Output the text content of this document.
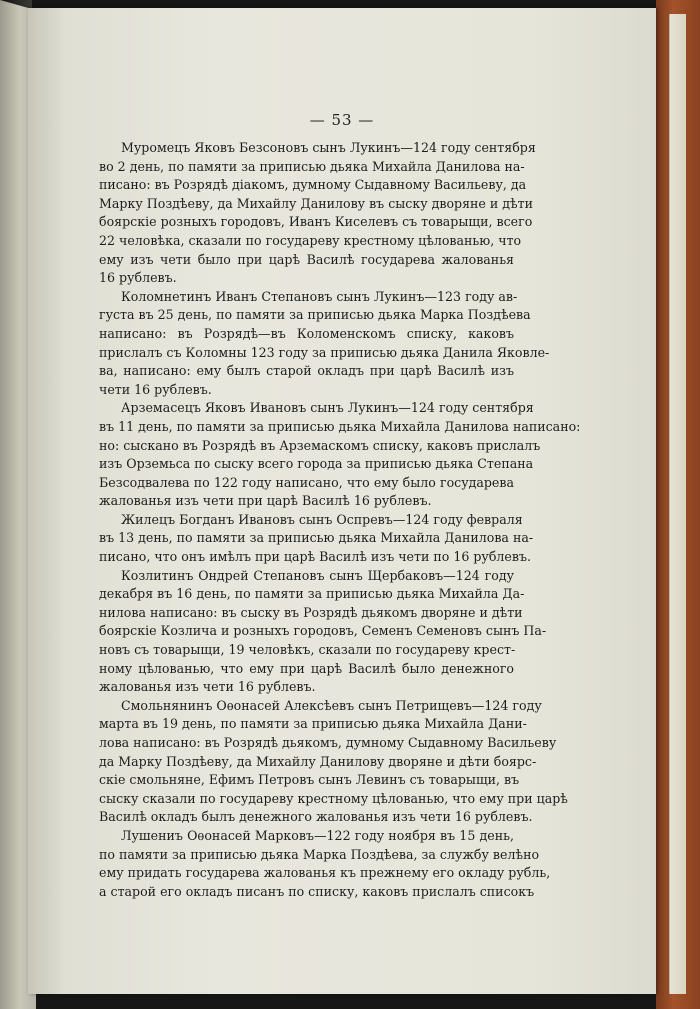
— 53 —
Муромецъ Яковъ Безсоновъ сынъ Лукинъ—124 году сентября
во 2 день, по памяти за приписью дьяка Михайла Данилова на-
писано: въ Розрядѣ діакомъ, думному Сыдавному Васильеву, да
Марку Поздѣеву, да Михайлу Данилову въ сыску дворяне и дѣти
боярскіе розныхъ городовъ, Иванъ Киселевъ съ товарыщи, всего
22 человѣка, сказали по государеву крестному цѣлованью, что
ему изъ чети было при царѣ Василѣ государева жалованья
16 рублевъ.
Коломнетинъ Иванъ Степановъ сынъ Лукинъ—123 году ав-
густа въ 25 день, по памяти за приписью дьяка Марка Поздѣева
написано: въ Розрядѣ—въ Коломенскомъ списку, каковъ
прислалъ съ Коломны 123 году за приписью дьяка Данила Яковле-
ва, написано: ему былъ старой окладъ при царѣ Василѣ изъ
чети 16 рублевъ.
Арземасецъ Яковъ Ивановъ сынъ Лукинъ—124 году сентября
въ 11 день, по памяти за приписью дьяка Михайла Данилова написано:
но: сыскано въ Розрядѣ въ Арземаскомъ списку, каковъ прислалъ
изъ Орземьса по сыску всего города за приписью дьяка Степана
Безсодвалева по 122 году написано, что ему было государева
жалованья изъ чети при царѣ Василѣ 16 рублевъ.
Жилецъ Богданъ Ивановъ сынъ Оспревъ—124 году февраля
въ 13 день, по памяти за приписью дьяка Михайла Данилова на-
писано, что онъ имѣлъ при царѣ Василѣ изъ чети по 16 рублевъ.
Козлитинъ Ондрей Степановъ сынъ Щербаковъ—124 году
декабря въ 16 день, по памяти за приписью дьяка Михайла Да-
нилова написано: въ сыску въ Розрядѣ дьякомъ дворяне и дѣти
боярскіе Козлича и розныхъ городовъ, Семенъ Семеновъ сынъ Па-
новъ съ товарыщи, 19 человѣкъ, сказали по государеву крест-
ному цѣлованью, что ему при царѣ Василѣ было денежного
жалованья изъ чети 16 рублевъ.
Смольнянинъ Оѳонасей Алексѣевъ сынъ Петрищевъ—124 году
марта въ 19 день, по памяти за приписью дьяка Михайла Дани-
лова написано: въ Розрядѣ дьякомъ, думному Сыдавному Васильеву
да Марку Поздѣеву, да Михайлу Данилову дворяне и дѣти боярс-
скіе смольняне, Ефимъ Петровъ сынъ Левинъ съ товарыщи, въ
сыску сказали по государеву крестному цѣлованью, что ему при царѣ
Василѣ окладъ былъ денежного жалованья изъ чети 16 рублевъ.
Лушениъ Оѳонасей Марковъ—122 году ноября въ 15 день,
по памяти за приписью дьяка Марка Поздѣева, за службу велѣно
ему придать государева жалованья къ прежнему его окладу рубль,
а старой его окладъ писанъ по списку, каковъ прислалъ списокъ
